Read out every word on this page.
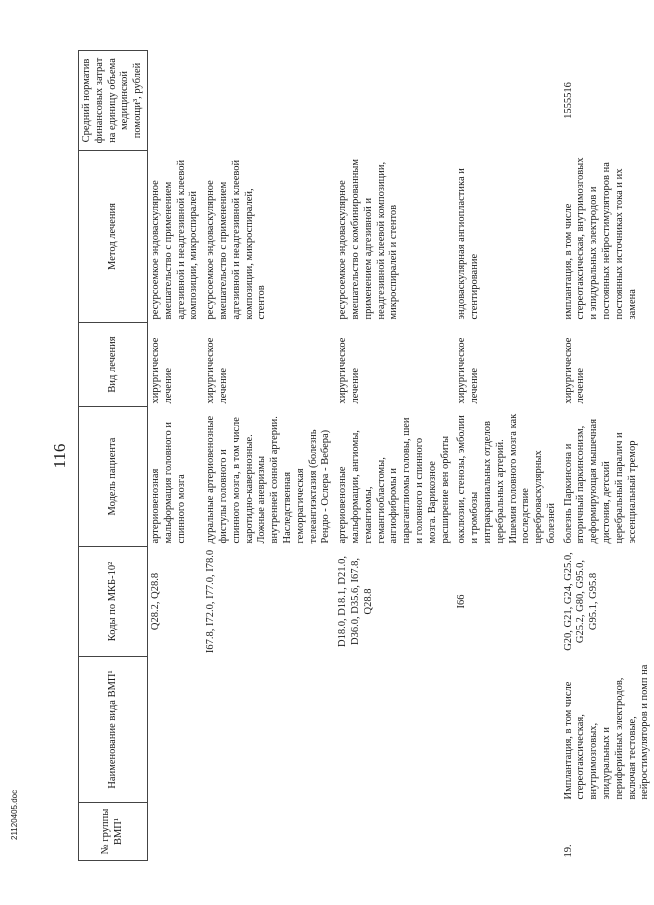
116
№ группы ВМП¹	Наименование вида ВМП¹	Коды по МКБ-10²	Модель пациента	Вид лечения	Метод лечения	Средний норматив финансовых затрат на единицу объема медицинской помощи³, рублей
		Q28.2, Q28.8	артериовенозная мальформация головного и спинного мозга	хирургическое лечение	ресурсоемкое эндоваскулярное вмешательство с применением адгезивной и неадгезивной клеевой композиции, микроспиралей	
		I67.8, I72.0, I77.0, I78.0	дуральные артериовенозные фистулы головного и спинного мозга, в том числе каротидно-кавернозные. Ложные аневризмы внутренней сонной артерии. Наследственная геморрагическая телеангиэктазия (болезнь Рендю - Ослера - Вебера)	хирургическое лечение	ресурсоемкое эндоваскулярное вмешательство с применением адгезивной и неадгезивной клеевой композиции, микроспиралей, стентов	
		D18.0, D18.1, D21.0, D36.0, D35.6, I67.8, Q28.8	артериовенозные мальформации, ангиомы, гемангиомы, гемангиобластомы, ангиофибромы и параганглиомы головы, шеи и головного и спинного мозга. Варикозное расширение вен орбиты	хирургическое лечение	ресурсоемкое эндоваскулярное вмешательство с комбинированным применением адгезивной и неадгезивной клеевой композиции, микроспиралей и стентов	
		I66	окклюзии, стенозы, эмболии и тромбозы интракраниальных отделов церебральных артерий. Ишемия головного мозга как последствие цереброваскулярных болезней	хирургическое лечение	эндоваскулярная ангиопластика и стентирование	
19.	Имплантация, в том числе стереотаксическая, внутримозговых, эпидуральных и периферийных электродов, включая тестовые, нейростимуляторов и помп на	G20, G21, G24, G25.0, G25.2, G80, G95.0, G95.1, G95.8	болезнь Паркинсона и вторичный паркинсонизм, деформирующая мышечная дистония, детский церебральный паралич и эссенциальный тремор	хирургическое лечение	имплантация, в том числе стереотаксическая, внутримозговых и эпидуральных электродов и постоянных нейростимуляторов на постоянных источниках тока и их замена	1555516
21120405.doc
